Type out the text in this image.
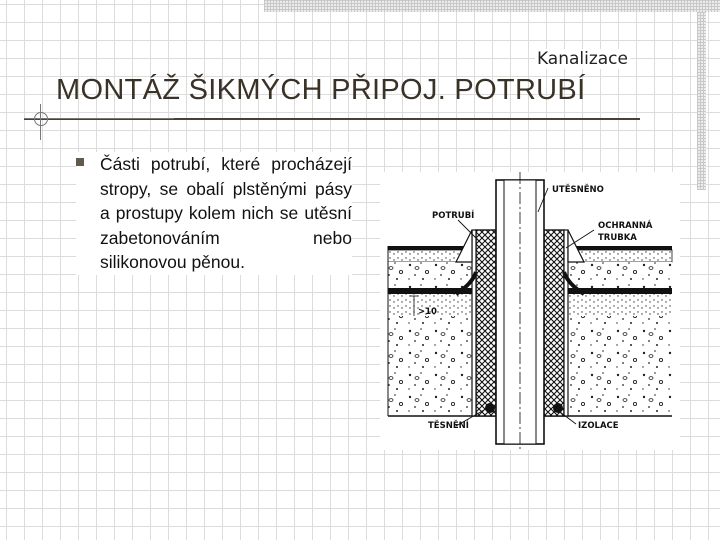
Kanalizace
MONTÁŽ ŠIKMÝCH PŘIPOJ. POTRUBÍ
Části potrubí, které procházejí stropy, se obalí plstěnými pásy a prostupy kolem nich se utěsní zabetonováním nebo silikonovou pěnou.
>10
POTRUBÍ
UTĚSNĚNO
OCHRANNÁ
TRUBKA
TĚSNĚNÍ	IZOLACE
